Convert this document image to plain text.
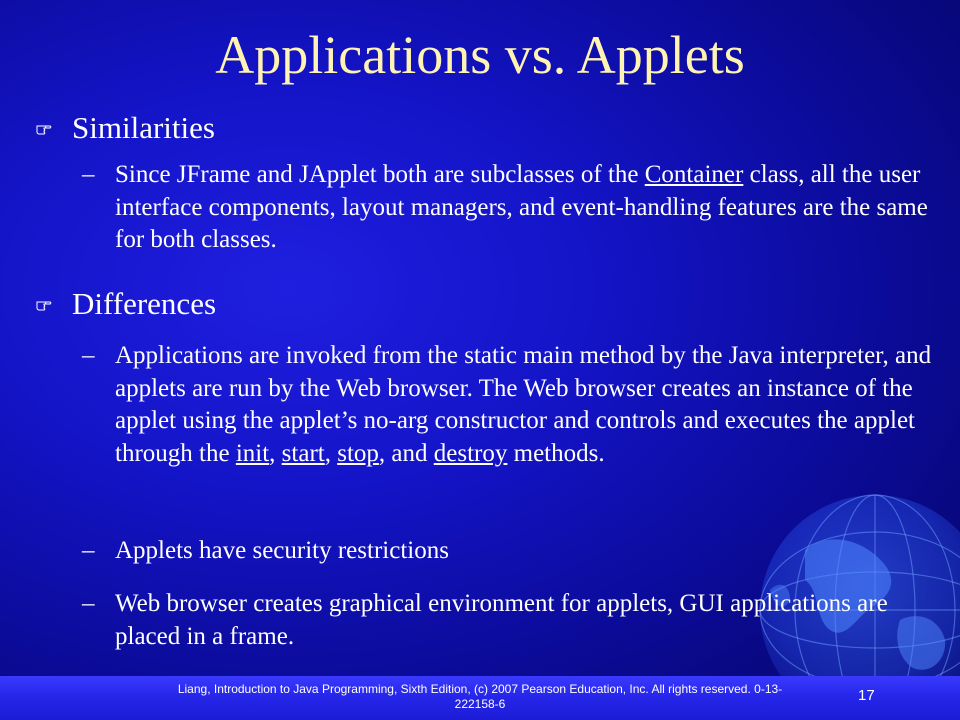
Applications vs. Applets
Similarities
– Since JFrame and JApplet both are subclasses of the Container class, all the user interface components, layout managers, and event-handling features are the same for both classes.
Differences
– Applications are invoked from the static main method by the Java interpreter, and applets are run by the Web browser. The Web browser creates an instance of the applet using the applet’s no-arg constructor and controls and executes the applet through the init, start, stop, and destroy methods.
– Applets have security restrictions
– Web browser creates graphical environment for applets, GUI applications are placed in a frame.
Liang, Introduction to Java Programming, Sixth Edition, (c) 2007 Pearson Education, Inc. All rights reserved. 0-13-222158-6	17
